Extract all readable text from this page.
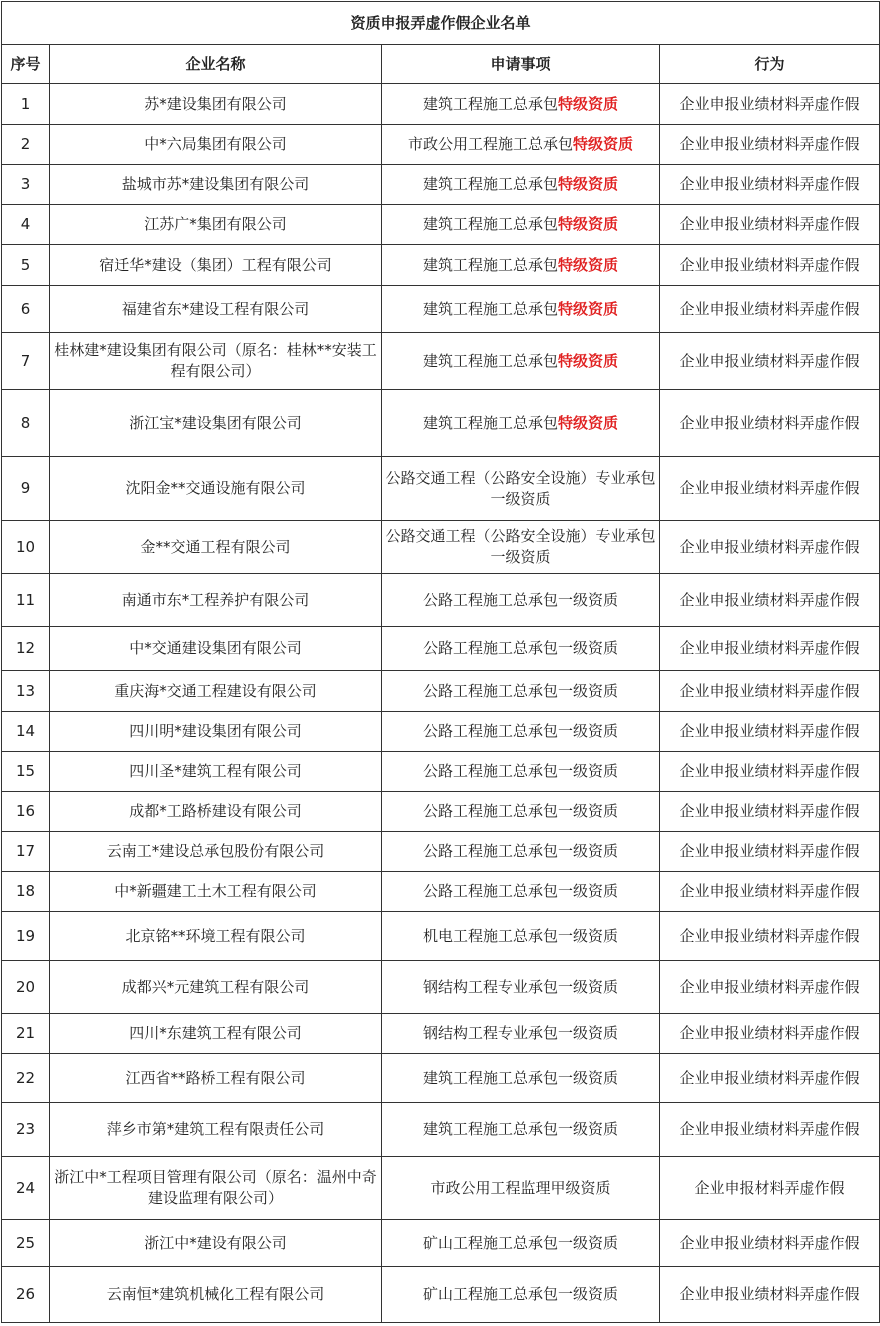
资质申报弄虚作假企业名单			
序号	企业名称	申请事项	行为
1	苏*建设集团有限公司	建筑工程施工总承包特级资质	企业申报业绩材料弄虚作假
2	中*六局集团有限公司	市政公用工程施工总承包特级资质	企业申报业绩材料弄虚作假
3	盐城市苏*建设集团有限公司	建筑工程施工总承包特级资质	企业申报业绩材料弄虚作假
4	江苏广*集团有限公司	建筑工程施工总承包特级资质	企业申报业绩材料弄虚作假
5	宿迁华*建设（集团）工程有限公司	建筑工程施工总承包特级资质	企业申报业绩材料弄虚作假
6	福建省东*建设工程有限公司	建筑工程施工总承包特级资质	企业申报业绩材料弄虚作假
7	桂林建*建设集团有限公司（原名：桂林**安装工程有限公司）	建筑工程施工总承包特级资质	企业申报业绩材料弄虚作假
8	浙江宝*建设集团有限公司	建筑工程施工总承包特级资质	企业申报业绩材料弄虚作假
9	沈阳金**交通设施有限公司	公路交通工程（公路安全设施）专业承包一级资质	企业申报业绩材料弄虚作假
10	金**交通工程有限公司	公路交通工程（公路安全设施）专业承包一级资质	企业申报业绩材料弄虚作假
11	南通市东*工程养护有限公司	公路工程施工总承包一级资质	企业申报业绩材料弄虚作假
12	中*交通建设集团有限公司	公路工程施工总承包一级资质	企业申报业绩材料弄虚作假
13	重庆海*交通工程建设有限公司	公路工程施工总承包一级资质	企业申报业绩材料弄虚作假
14	四川明*建设集团有限公司	公路工程施工总承包一级资质	企业申报业绩材料弄虚作假
15	四川圣*建筑工程有限公司	公路工程施工总承包一级资质	企业申报业绩材料弄虚作假
16	成都*工路桥建设有限公司	公路工程施工总承包一级资质	企业申报业绩材料弄虚作假
17	云南工*建设总承包股份有限公司	公路工程施工总承包一级资质	企业申报业绩材料弄虚作假
18	中*新疆建工土木工程有限公司	公路工程施工总承包一级资质	企业申报业绩材料弄虚作假
19	北京铭**环境工程有限公司	机电工程施工总承包一级资质	企业申报业绩材料弄虚作假
20	成都兴*元建筑工程有限公司	钢结构工程专业承包一级资质	企业申报业绩材料弄虚作假
21	四川*东建筑工程有限公司	钢结构工程专业承包一级资质	企业申报业绩材料弄虚作假
22	江西省**路桥工程有限公司	建筑工程施工总承包一级资质	企业申报业绩材料弄虚作假
23	萍乡市第*建筑工程有限责任公司	建筑工程施工总承包一级资质	企业申报业绩材料弄虚作假
24	浙江中*工程项目管理有限公司（原名：温州中奇建设监理有限公司）	市政公用工程监理甲级资质	企业申报材料弄虚作假
25	浙江中*建设有限公司	矿山工程施工总承包一级资质	企业申报业绩材料弄虚作假
26	云南恒*建筑机械化工程有限公司	矿山工程施工总承包一级资质	企业申报业绩材料弄虚作假
